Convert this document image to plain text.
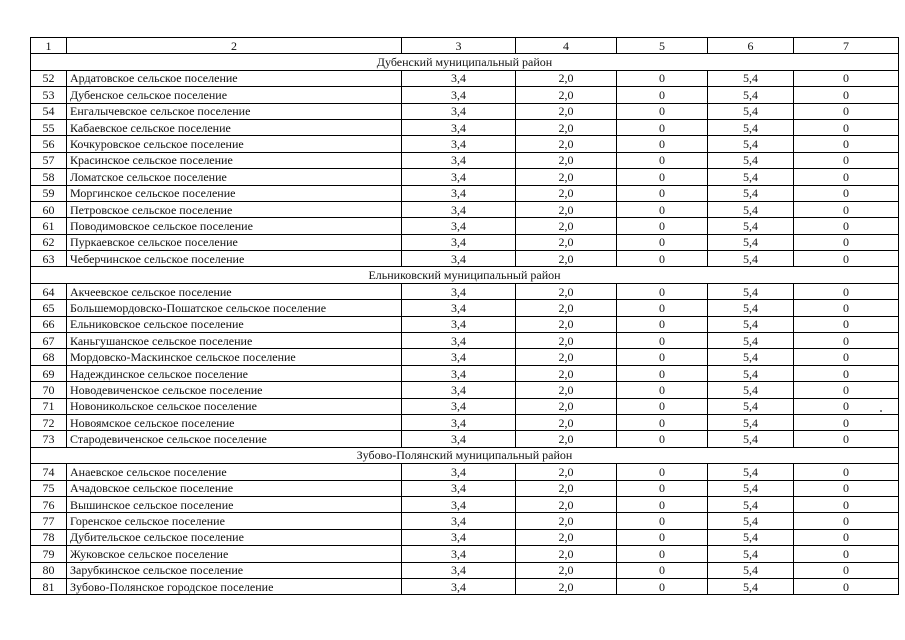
1	2	3	4	5	6	7
Дубенский муниципальный район						
52	Ардатовское сельское поселение	3,4	2,0	0	5,4	0
53	Дубенское сельское поселение	3,4	2,0	0	5,4	0
54	Енгалычевское сельское поселение	3,4	2,0	0	5,4	0
55	Кабаевское сельское поселение	3,4	2,0	0	5,4	0
56	Кочкуровское сельское поселение	3,4	2,0	0	5,4	0
57	Красинское сельское поселение	3,4	2,0	0	5,4	0
58	Ломатское сельское поселение	3,4	2,0	0	5,4	0
59	Моргинское сельское поселение	3,4	2,0	0	5,4	0
60	Петровское сельское поселение	3,4	2,0	0	5,4	0
61	Поводимовское сельское поселение	3,4	2,0	0	5,4	0
62	Пуркаевское сельское поселение	3,4	2,0	0	5,4	0
63	Чеберчинское сельское поселение	3,4	2,0	0	5,4	0
Ельниковский муниципальный район						
64	Акчеевское сельское поселение	3,4	2,0	0	5,4	0
65	Большемордовско-Пошатское сельское поселение	3,4	2,0	0	5,4	0
66	Ельниковское сельское поселение	3,4	2,0	0	5,4	0
67	Каньгушанское сельское поселение	3,4	2,0	0	5,4	0
68	Мордовско-Маскинское сельское поселение	3,4	2,0	0	5,4	0
69	Надеждинское сельское поселение	3,4	2,0	0	5,4	0
70	Новодевиченское сельское поселение	3,4	2,0	0	5,4	0
71	Новоникольское сельское поселение	3,4	2,0	0	5,4	0
72	Новоямское сельское поселение	3,4	2,0	0	5,4	0
73	Стародевиченское сельское поселение	3,4	2,0	0	5,4	0
Зубово-Полянский муниципальный район						
74	Анаевское сельское поселение	3,4	2,0	0	5,4	0
75	Ачадовское сельское поселение	3,4	2,0	0	5,4	0
76	Вышинское сельское поселение	3,4	2,0	0	5,4	0
77	Горенское сельское поселение	3,4	2,0	0	5,4	0
78	Дубительское сельское поселение	3,4	2,0	0	5,4	0
79	Жуковское сельское поселение	3,4	2,0	0	5,4	0
80	Зарубкинское сельское поселение	3,4	2,0	0	5,4	0
81	Зубово-Полянское городское поселение	3,4	2,0	0	5,4	0
